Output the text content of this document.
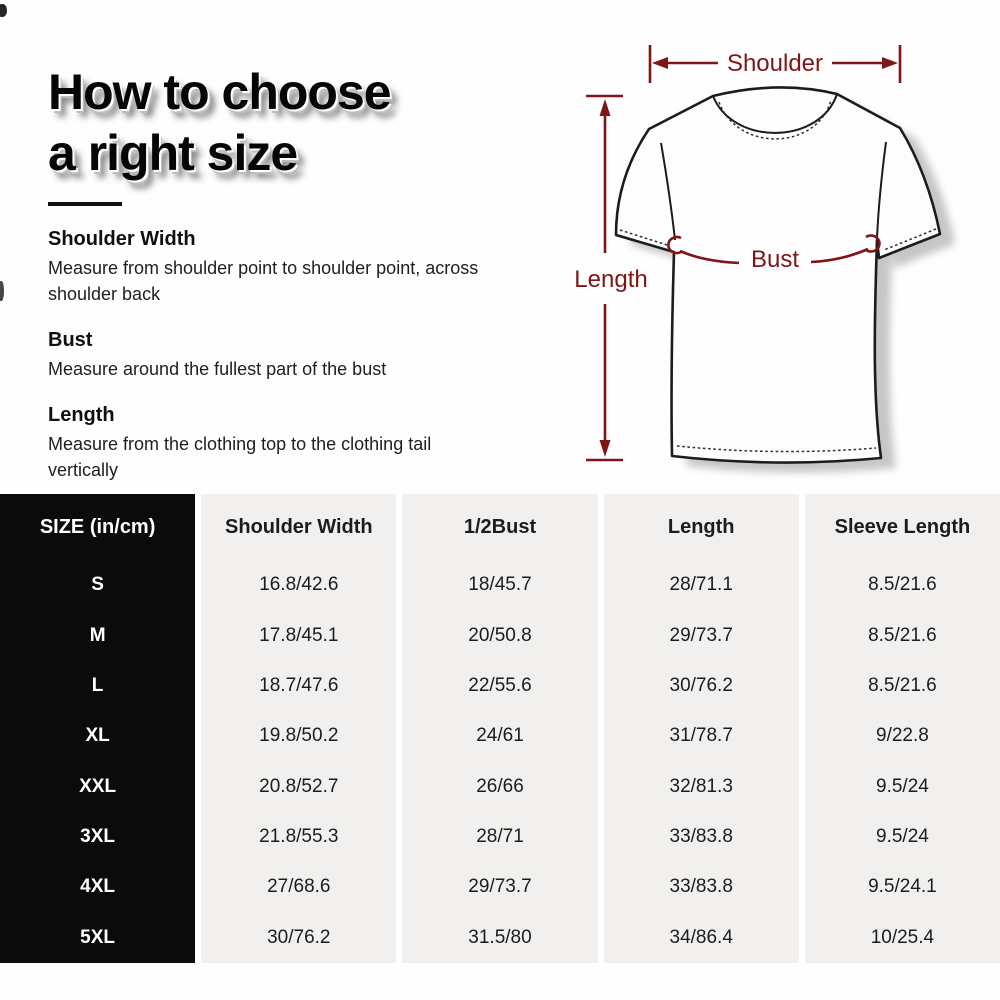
How to choose
a right size
Shoulder Width
Measure from shoulder point to shoulder point, across shoulder back
Bust
Measure around the fullest part of the bust
Length
Measure from the clothing top to the clothing tail vertically
Shoulder
Length
Bust
SIZE (in/cm)
S
M
L
XL
XXL
3XL
4XL
5XL
Shoulder Width
16.8/42.6
17.8/45.1
18.7/47.6
19.8/50.2
20.8/52.7
21.8/55.3
27/68.6
30/76.2
1/2Bust
18/45.7
20/50.8
22/55.6
24/61
26/66
28/71
29/73.7
31.5/80
Length
28/71.1
29/73.7
30/76.2
31/78.7
32/81.3
33/83.8
33/83.8
34/86.4
Sleeve Length
8.5/21.6
8.5/21.6
8.5/21.6
9/22.8
9.5/24
9.5/24
9.5/24.1
10/25.4
